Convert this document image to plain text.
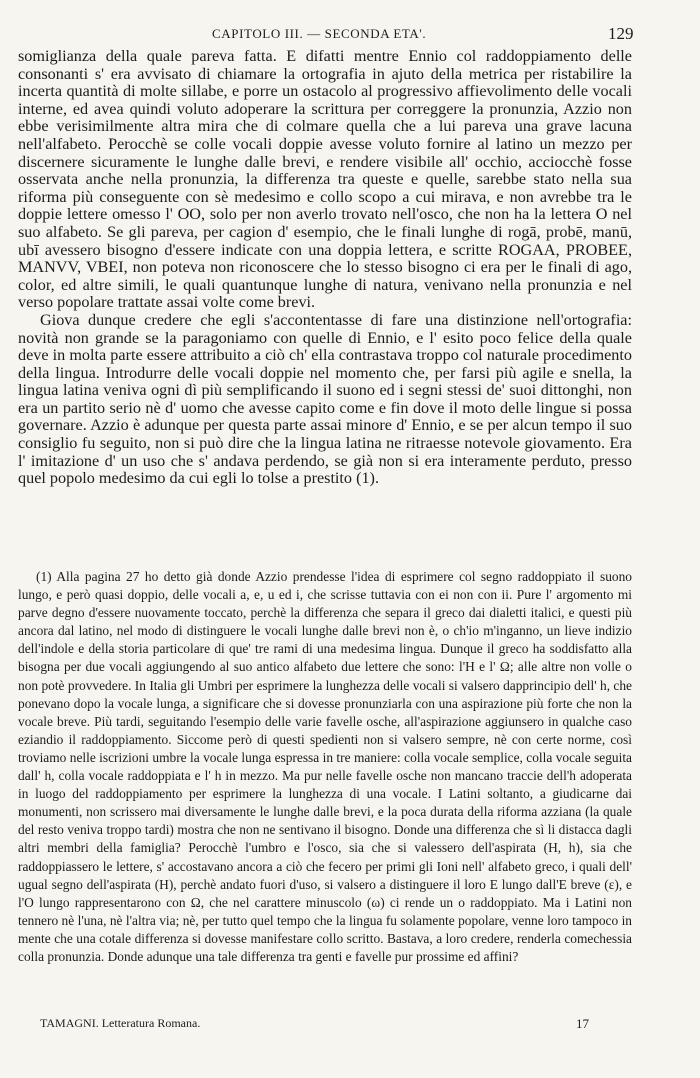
CAPITOLO III. — SECONDA ETA'.	129

somiglianza della quale pareva fatta. E difatti mentre Ennio col raddoppiamento delle consonanti s' era avvisato di chiamare la ortografia in ajuto della metrica per ristabilire la incerta quantità di molte sillabe, e porre un ostacolo al progressivo affievolimento delle vocali interne, ed avea quindi voluto adoperare la scrittura per correggere la pronunzia, Azzio non ebbe verisimilmente altra mira che di colmare quella che a lui pareva una grave lacuna nell'alfabeto. Perocchè se colle vocali doppie avesse voluto fornire al latino un mezzo per discernere sicuramente le lunghe dalle brevi, e rendere visibile all' occhio, acciocchè fosse osservata anche nella pronunzia, la differenza tra queste e quelle, sarebbe stato nella sua riforma più conseguente con sè medesimo e collo scopo a cui mirava, e non avrebbe tra le doppie lettere omesso l' OO, solo per non averlo trovato nell'osco, che non ha la lettera O nel suo alfabeto. Se gli pareva, per cagion d' esempio, che le finali lunghe di rogā, probē, manū, ubī avessero bisogno d'essere indicate con una doppia lettera, e scritte ROGAA, PROBEE, MANVV, VBEI, non poteva non riconoscere che lo stesso bisogno ci era per le finali di ago, color, ed altre simili, le quali quantunque lunghe di natura, venivano nella pronunzia e nel verso popolare trattate assai volte come brevi.

Giova dunque credere che egli s'accontentasse di fare una distinzione nell'ortografia: novità non grande se la paragoniamo con quelle di Ennio, e l' esito poco felice della quale deve in molta parte essere attribuito a ciò ch' ella contrastava troppo col naturale procedimento della lingua. Introdurre delle vocali doppie nel momento che, per farsi più agile e snella, la lingua latina veniva ogni dì più semplificando il suono ed i segni stessi de' suoi dittonghi, non era un partito serio nè d' uomo che avesse capito come e fin dove il moto delle lingue si possa governare. Azzio è adunque per questa parte assai minore d' Ennio, e se per alcun tempo il suo consiglio fu seguito, non si può dire che la lingua latina ne ritraesse notevole giovamento. Era l' imitazione d' un uso che s' andava perdendo, se già non si era interamente perduto, presso quel popolo medesimo da cui egli lo tolse a prestito (1).

(1) Alla pagina 27 ho detto già donde Azzio prendesse l'idea di esprimere col segno raddoppiato il suono lungo, e però quasi doppio, delle vocali a, e, u ed i, che scrisse tuttavia con ei non con ii. Pure l' argomento mi parve degno d'essere nuovamente toccato, perchè la differenza che separa il greco dai dialetti italici, e questi più ancora dal latino, nel modo di distinguere le vocali lunghe dalle brevi non è, o ch'io m'inganno, un lieve indizio dell'indole e della storia particolare di que' tre rami di una medesima lingua. Dunque il greco ha soddisfatto alla bisogna per due vocali aggiungendo al suo antico alfabeto due lettere che sono: l'H e l' Ω; alle altre non volle o non potè provvedere. In Italia gli Umbri per esprimere la lunghezza delle vocali si valsero dapprincipio dell' h, che ponevano dopo la vocale lunga, a significare che si dovesse pronunziarla con una aspirazione più forte che non la vocale breve. Più tardi, seguitando l'esempio delle varie favelle osche, all'aspirazione aggiunsero in qualche caso eziandio il raddoppiamento. Siccome però di questi spedienti non si valsero sempre, nè con certe norme, così troviamo nelle iscrizioni umbre la vocale lunga espressa in tre maniere: colla vocale semplice, colla vocale seguita dall' h, colla vocale raddoppiata e l' h in mezzo. Ma pur nelle favelle osche non mancano traccie dell'h adoperata in luogo del raddoppiamento per esprimere la lunghezza di una vocale. I Latini soltanto, a giudicarne dai monumenti, non scrissero mai diversamente le lunghe dalle brevi, e la poca durata della riforma azziana (la quale del resto veniva troppo tardi) mostra che non ne sentivano il bisogno. Donde una differenza che sì li distacca dagli altri membri della famiglia? Perocchè l'umbro e l'osco, sia che si valessero dell'aspirata (H, h), sia che raddoppiassero le lettere, s' accostavano ancora a ciò che fecero per primi gli Ioni nell' alfabeto greco, i quali dell' ugual segno dell'aspirata (H), perchè andato fuori d'uso, si valsero a distinguere il loro E lungo dall'E breve (ε), e l'O lungo rappresentarono con Ω, che nel carattere minuscolo (ω) ci rende un o raddoppiato. Ma i Latini non tennero nè l'una, nè l'altra via; nè, per tutto quel tempo che la lingua fu solamente popolare, venne loro tampoco in mente che una cotale differenza si dovesse manifestare collo scritto. Bastava, a loro credere, renderla comechessia colla pronunzia. Donde adunque una tale differenza tra genti e favelle pur prossime ed affini?

TAMAGNI. Letteratura Romana.	17
